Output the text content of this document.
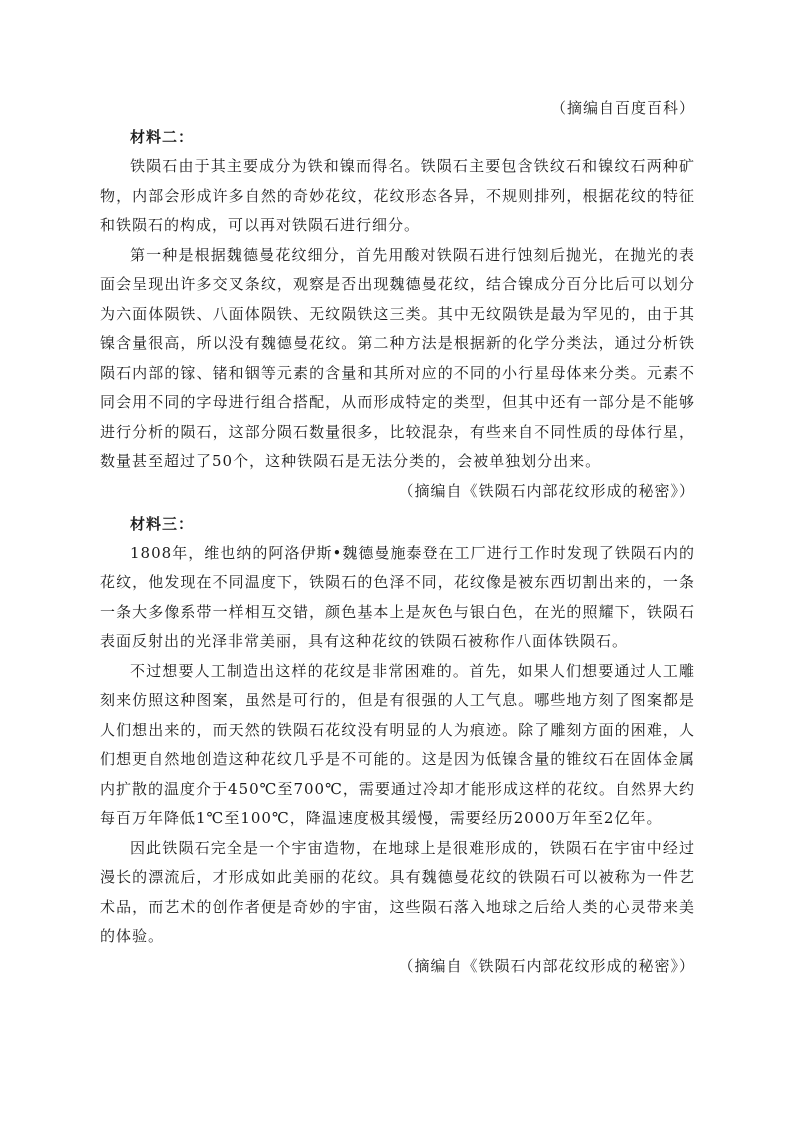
（摘编自百度百科）
材料二：

铁陨石由于其主要成分为铁和镍而得名。铁陨石主要包含铁纹石和镍纹石两种矿物，内部会形成许多自然的奇妙花纹，花纹形态各异，不规则排列，根据花纹的特征和铁陨石的构成，可以再对铁陨石进行细分。

第一种是根据魏德曼花纹细分，首先用酸对铁陨石进行蚀刻后抛光，在抛光的表面会呈现出许多交叉条纹，观察是否出现魏德曼花纹，结合镍成分百分比后可以划分为六面体陨铁、八面体陨铁、无纹陨铁这三类。其中无纹陨铁是最为罕见的，由于其镍含量很高，所以没有魏德曼花纹。第二种方法是根据新的化学分类法，通过分析铁陨石内部的镓、锗和铟等元素的含量和其所对应的不同的小行星母体来分类。元素不同会用不同的字母进行组合搭配，从而形成特定的类型，但其中还有一部分是不能够进行分析的陨石，这部分陨石数量很多，比较混杂，有些来自不同性质的母体行星，数量甚至超过了50个，这种铁陨石是无法分类的，会被单独划分出来。

（摘编自《铁陨石内部花纹形成的秘密》）
材料三：

1808年，维也纳的阿洛伊斯•魏德曼施泰登在工厂进行工作时发现了铁陨石内的花纹，他发现在不同温度下，铁陨石的色泽不同，花纹像是被东西切割出来的，一条一条大多像系带一样相互交错，颜色基本上是灰色与银白色，在光的照耀下，铁陨石表面反射出的光泽非常美丽，具有这种花纹的铁陨石被称作八面体铁陨石。

不过想要人工制造出这样的花纹是非常困难的。首先，如果人们想要通过人工雕刻来仿照这种图案，虽然是可行的，但是有很强的人工气息。哪些地方刻了图案都是人们想出来的，而天然的铁陨石花纹没有明显的人为痕迹。除了雕刻方面的困难，人们想更自然地创造这种花纹几乎是不可能的。这是因为低镍含量的锥纹石在固体金属内扩散的温度介于450℃至700℃，需要通过冷却才能形成这样的花纹。自然界大约每百万年降低1℃至100℃，降温速度极其缓慢，需要经历2000万年至2亿年。

因此铁陨石完全是一个宇宙造物，在地球上是很难形成的，铁陨石在宇宙中经过漫长的漂流后，才形成如此美丽的花纹。具有魏德曼花纹的铁陨石可以被称为一件艺术品，而艺术的创作者便是奇妙的宇宙，这些陨石落入地球之后给人类的心灵带来美的体验。

（摘编自《铁陨石内部花纹形成的秘密》）
